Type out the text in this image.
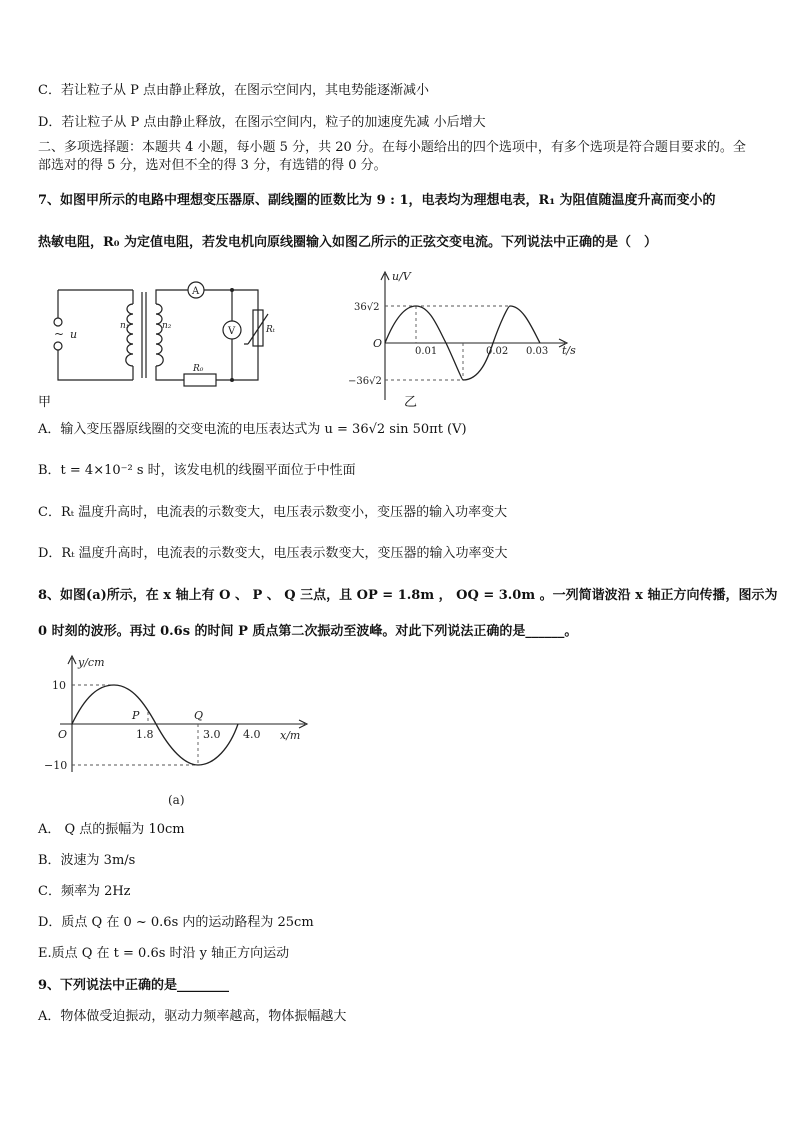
C．若让粒子从 P 点由静止释放，在图示空间内，其电势能逐渐减小
D．若让粒子从 P 点由静止释放，在图示空间内，粒子的加速度先减 小后增大
二、多项选择题：本题共 4 小题，每小题 5 分，共 20 分。在每小题给出的四个选项中，有多个选项是符合题目要求的。全部选对的得 5 分，选对但不全的得 3 分，有选错的得 0 分。
7、如图甲所示的电路中理想变压器原、副线圈的匝数比为 9 : 1，电表均为理想电表，R₁ 为阻值随温度升高而变小的
热敏电阻，R₀ 为定值电阻，若发电机向原线圈输入如图乙所示的正弦交变电流。下列说法中正确的是（　）
~ u
n₁	n₂
A
V	Rₜ
R₀
甲
u/V
t/s
O
36√2
−36√2
0.01	0.02 0.03
乙
A．输入变压器原线圈的交变电流的电压表达式为 u = 36√2 sin 50πt (V)
B．t = 4×10⁻² s 时，该发电机的线圈平面位于中性面
C．Rₜ 温度升高时，电流表的示数变大，电压表示数变小，变压器的输入功率变大
D．Rₜ 温度升高时，电流表的示数变大，电压表示数变大，变压器的输入功率变大
8、如图(a)所示，在 x 轴上有 O 、 P 、 Q 三点，且 OP = 1.8m ， OQ = 3.0m 。一列简谐波沿 x 轴正方向传播，图示为
0 时刻的波形。再过 0.6s 的时间 P 质点第二次振动至波峰。对此下列说法正确的是______。
y/cm
x/m
O
10
−10
P	Q
1.8	3.0 4.0
(a)
A． Q 点的振幅为 10cm
B．波速为 3m/s
C．频率为 2Hz
D．质点 Q 在 0 ~ 0.6s 内的运动路程为 25cm
E.质点 Q 在 t = 0.6s 时沿 y 轴正方向运动
9、下列说法中正确的是________
A．物体做受迫振动，驱动力频率越高，物体振幅越大
